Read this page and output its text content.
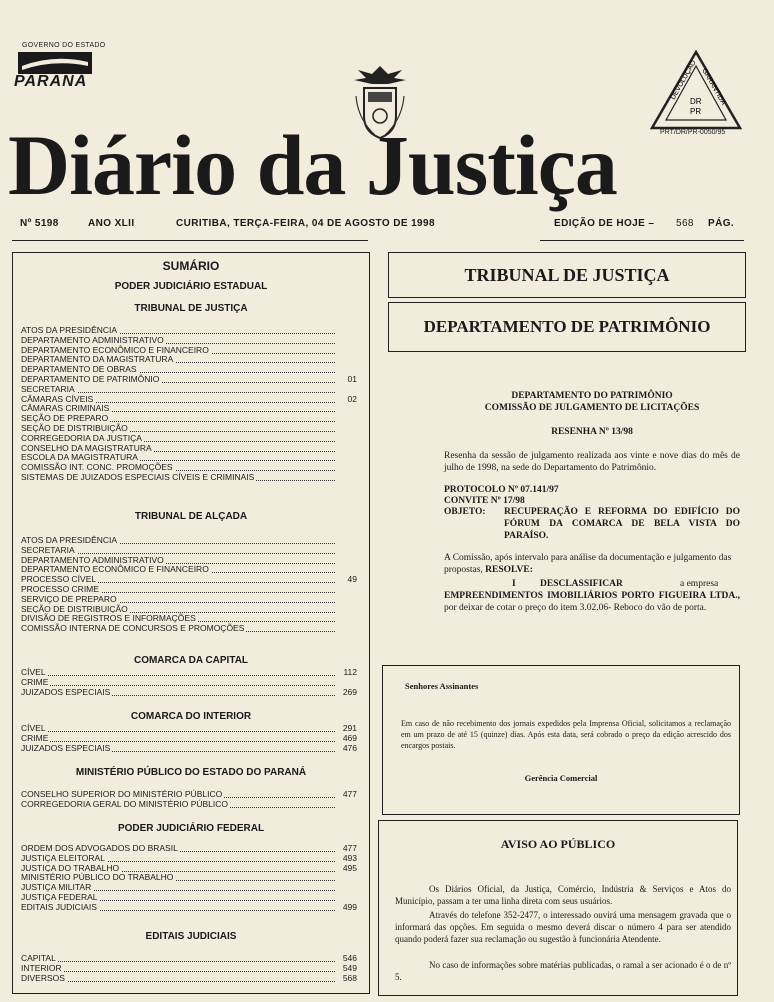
GOVERNO DO ESTADO
PARANÁ	DEVOLUÇÃO GARANTIDA
DR
PR
PRT/DR/PR-0050/95
Diário da Justiça
Nº 5198	ANO XLII	CURITIBA, TERÇA-FEIRA, 04 DE AGOSTO DE 1998	EDIÇÃO DE HOJE – 568 PÁG.
SUMÁRIO
PODER JUDICIÁRIO ESTADUAL
TRIBUNAL DE JUSTIÇA
ATOS DA PRESIDÊNCIA
DEPARTAMENTO ADMINISTRATIVO
DEPARTAMENTO ECONÔMICO E FINANCEIRO
DEPARTAMENTO DA MAGISTRATURA
DEPARTAMENTO DE OBRAS
DEPARTAMENTO DE PATRIMÔNIO	01
SECRETARIA
CÂMARAS CÍVEIS	02
CÂMARAS CRIMINAIS
SEÇÃO DE PREPARO
SEÇÃO DE DISTRIBUIÇÃO
CORREGEDORIA DA JUSTIÇA
CONSELHO DA MAGISTRATURA
ESCOLA DA MAGISTRATURA
COMISSÃO INT. CONC. PROMOÇÕES
SISTEMAS DE JUIZADOS ESPECIAIS CÍVEIS E CRIMINAIS
TRIBUNAL DE ALÇADA
ATOS DA PRESIDÊNCIA
SECRETARIA
DEPARTAMENTO ADMINISTRATIVO
DEPARTAMENTO ECONÔMICO E FINANCEIRO
PROCESSO CÍVEL	49
PROCESSO CRIME
SERVIÇO DE PREPARO
SEÇÃO DE DISTRIBUIÇÃO
DIVISÃO DE REGISTROS E INFORMAÇÕES
COMISSÃO INTERNA DE CONCURSOS E PROMOÇÕES
COMARCA DA CAPITAL
CÍVEL	112
CRIME
JUIZADOS ESPECIAIS	269
COMARCA DO INTERIOR
CÍVEL	291
CRIME	469
JUIZADOS ESPECIAIS	476
MINISTÉRIO PÚBLICO DO ESTADO DO PARANÁ
CONSELHO SUPERIOR DO MINISTÉRIO PÚBLICO	477
CORREGEDORIA GERAL DO MINISTÉRIO PÚBLICO
PODER JUDICIÁRIO FEDERAL
ORDEM DOS ADVOGADOS DO BRASIL	477
JUSTIÇA ELEITORAL	493
JUSTIÇA DO TRABALHO	495
MINISTÉRIO PÚBLICO DO TRABALHO
JUSTIÇA MILITAR
JUSTIÇA FEDERAL
EDITAIS JUDICIAIS	499
EDITAIS JUDICIAIS
CAPITAL	546
INTERIOR	549
DIVERSOS	568
TRIBUNAL DE JUSTIÇA
DEPARTAMENTO DE PATRIMÔNIO
DEPARTAMENTO DO PATRIMÔNIO
COMISSÃO DE JULGAMENTO DE LICITAÇÕES
RESENHA Nº 13/98
Resenha da sessão de julgamento realizada aos vinte e nove dias do mês de julho de 1998, na sede do Departamento do Patrimônio.
PROTOCOLO Nº 07.141/97
CONVITE Nº 17/98
OBJETO:	RECUPERAÇÃO E REFORMA DO EDIFÍCIO DO FÓRUM DA COMARCA DE BELA VISTA DO PARAÍSO.
A Comissão, após intervalo para análise da documentação e julgamento das propostas, RESOLVE:
I	DESCLASSIFICAR	a empresa
EMPREENDIMENTOS IMOBILIÁRIOS PORTO FIGUEIRA LTDA., por deixar de cotar o preço do item 3.02.06- Reboco do vão de porta.
Senhores Assinantes
Em caso de não recebimento dos jornais expedidos pela Imprensa Oficial, solicitamos a reclamação em um prazo de até 15 (quinze) dias. Após esta data, será cobrado o preço da edição acrescido dos encargos postais.
Gerência Comercial
AVISO AO PÚBLICO
Os Diários Oficial, da Justiça, Comércio, Indústria & Serviços e Atos do Município, passam a ter uma linha direta com seus usuários.
Através do telefone 352-2477, o interessado ouvirá uma mensagem gravada que o informará das opções. Em seguida o mesmo deverá discar o número 4 para ser atendido quando poderá fazer sua reclamação ou sugestão à funcionária Atendente.
No caso de informações sobre matérias publicadas, o ramal a ser acionado é o de nº 5.
